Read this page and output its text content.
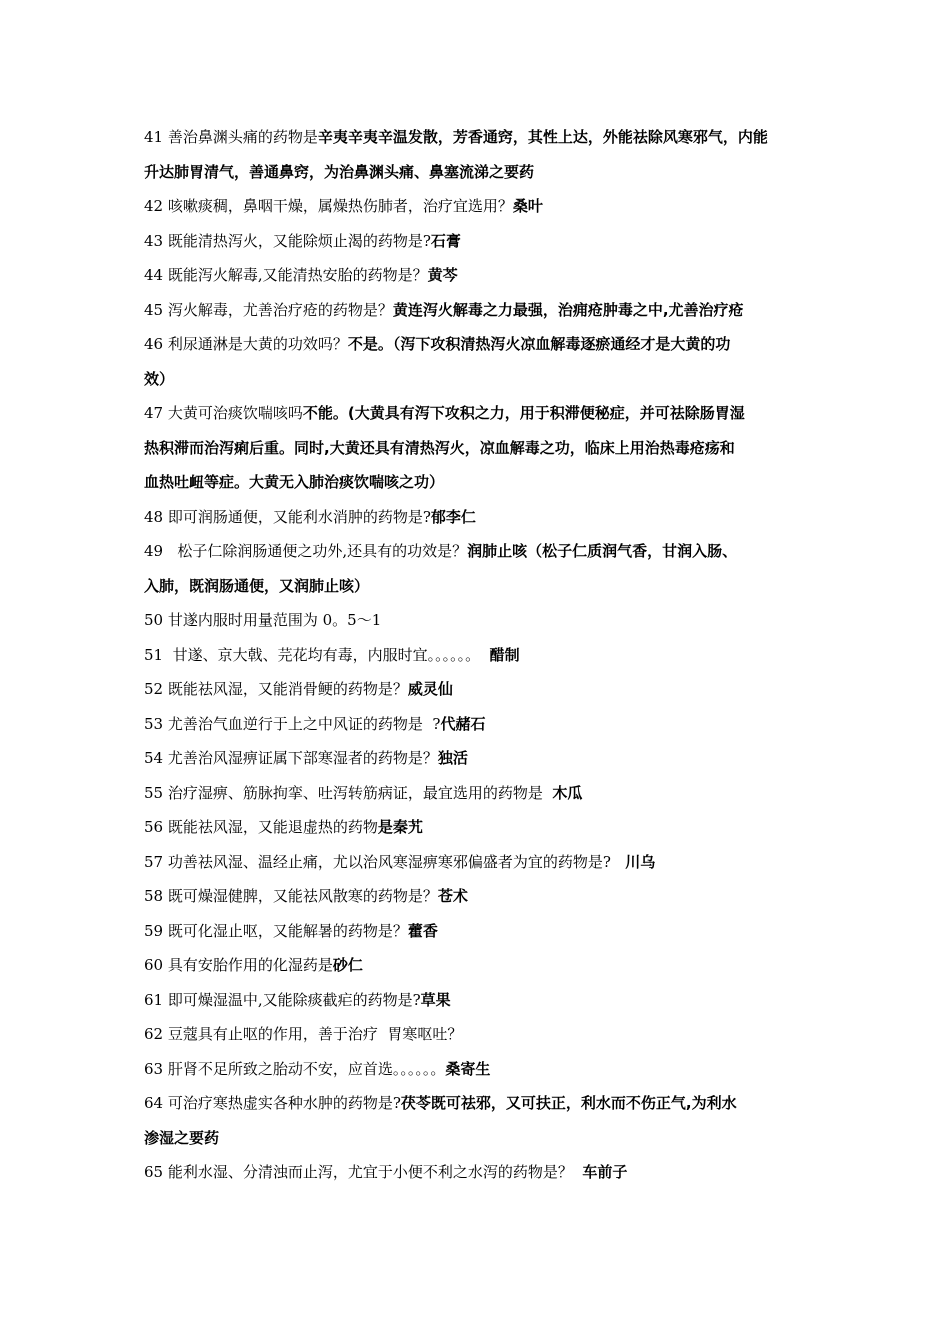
41 善治鼻渊头痛的药物是辛夷辛夷辛温发散，芳香通窍，其性上达，外能祛除风寒邪气，内能
升达肺胃清气，善通鼻窍，为治鼻渊头痛、鼻塞流涕之要药
42 咳嗽痰稠，鼻咽干燥，属燥热伤肺者，治疗宜选用？桑叶
43 既能清热泻火，又能除烦止渴的药物是?石膏
44 既能泻火解毒,又能清热安胎的药物是？黄芩
45 泻火解毒，尤善治疗疮的药物是？黄连泻火解毒之力最强，治痈疮肿毒之中,尤善治疗疮
46 利尿通淋是大黄的功效吗？不是。（泻下攻积清热泻火凉血解毒逐瘀通经才是大黄的功
效）
47 大黄可治痰饮喘咳吗不能。(大黄具有泻下攻积之力，用于积滞便秘症，并可祛除肠胃湿
热积滞而治泻痢后重。同时,大黄还具有清热泻火，凉血解毒之功，临床上用治热毒疮疡和
血热吐衄等症。大黄无入肺治痰饮喘咳之功）
48 即可润肠通便，又能利水消肿的药物是?郁李仁
49   松子仁除润肠通便之功外,还具有的功效是？润肺止咳（松子仁质润气香，甘润入肠、
入肺，既润肠通便，又润肺止咳）
50 甘遂内服时用量范围为 0。5～1
51  甘遂、京大戟、芫花均有毒，内服时宜。。。。。。  醋制
52 既能祛风湿，又能消骨鲠的药物是？威灵仙
53 尤善治气血逆行于上之中风证的药物是  ?代赭石
54 尤善治风湿痹证属下部寒湿者的药物是？独活
55 治疗湿痹、筋脉拘挛、吐泻转筋病证，最宜选用的药物是  木瓜
56 既能祛风湿，又能退虚热的药物是秦艽
57 功善祛风湿、温经止痛，尤以治风寒湿痹寒邪偏盛者为宜的药物是?   川乌
58 既可燥湿健脾，又能祛风散寒的药物是？苍术
59 既可化湿止呕，又能解暑的药物是？藿香
60 具有安胎作用的化湿药是砂仁
61 即可燥湿温中,又能除痰截疟的药物是?草果
62 豆蔻具有止呕的作用，善于治疗  胃寒呕吐？
63 肝肾不足所致之胎动不安，应首选。。。。。。桑寄生
64 可治疗寒热虚实各种水肿的药物是?茯苓既可祛邪，又可扶正，利水而不伤正气,为利水
渗湿之要药
65 能利水湿、分清浊而止泻，尤宜于小便不利之水泻的药物是？  车前子
